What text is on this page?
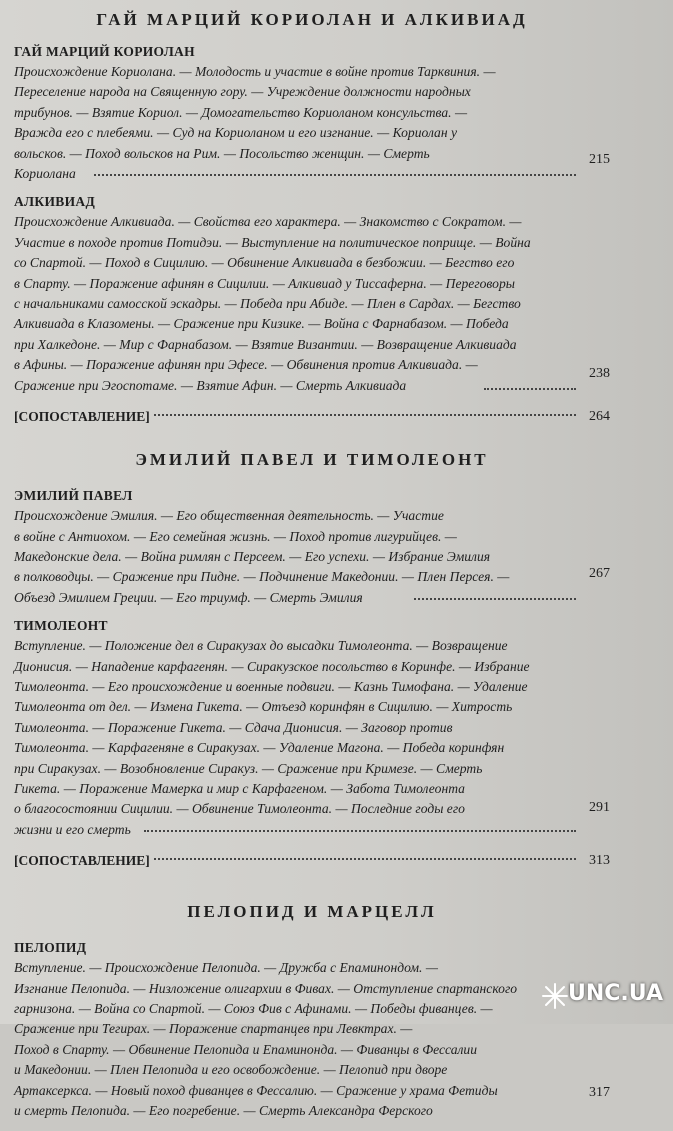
ГАЙ МАРЦИЙ КОРИОЛАН И АЛКИВИАД
ГАЙ МАРЦИЙ КОРИОЛАН
Происхождение Кориолана. — Молодость и участие в войне против Тарквиния. —
Переселение народа на Священную гору. — Учреждение должности народных
трибунов. — Взятие Кориол. — Домогательство Кориоланом консульства. —
Вражда его с плебеями. — Суд на Кориоланом и его изгнание. — Кориолан у
вольсков. — Поход вольсков на Рим. — Посольство женщин. — Смерть
Кориолана
215
АЛКИВИАД
Происхождение Алкивиада. — Свойства его характера. — Знакомство с Сократом. —
Участие в походе против Потидэи. — Выступление на политическое поприще. — Война
со Спартой. — Поход в Сицилию. — Обвинение Алкивиада в безбожии. — Бегство его
в Спарту. — Поражение афинян в Сицилии. — Алкивиад у Тиссаферна. — Переговоры
с начальниками самосской эскадры. — Победа при Абиде. — Плен в Сардах. — Бегство
Алкивиада в Клазомены. — Сражение при Кизике. — Война с Фарнабазом. — Победа
при Халкедоне. — Мир с Фарнабазом. — Взятие Византии. — Возвращение Алкивиада
в Афины. — Поражение афинян при Эфесе. — Обвинения против Алкивиада. —
Сражение при Эгоспотаме. — Взятие Афин. — Смерть Алкивиада
238
[СОПОСТАВЛЕНИЕ]	264
ЭМИЛИЙ ПАВЕЛ И ТИМОЛЕОНТ
ЭМИЛИЙ ПАВЕЛ
Происхождение Эмилия. — Его общественная деятельность. — Участие
в войне с Антиохом. — Его семейная жизнь. — Поход против лигурийцев. —
Македонские дела. — Война римлян с Персеем. — Его успехи. — Избрание Эмилия
в полководцы. — Сражение при Пидне. — Подчинение Македонии. — Плен Персея. —
Объезд Эмилием Греции. — Его триумф. — Смерть Эмилия
267
ТИМОЛЕОНТ
Вступление. — Положение дел в Сиракузах до высадки Тимолеонта. — Возвращение
Дионисия. — Нападение карфагенян. — Сиракузское посольство в Коринфе. — Избрание
Тимолеонта. — Его происхождение и военные подвиги. — Казнь Тимофана. — Удаление
Тимолеонта от дел. — Измена Гикета. — Отъезд коринфян в Сицилию. — Хитрость
Тимолеонта. — Поражение Гикета. — Сдача Дионисия. — Заговор против
Тимолеонта. — Карфагеняне в Сиракузах. — Удаление Магона. — Победа коринфян
при Сиракузах. — Возобновление Сиракуз. — Сражение при Кримезе. — Смерть
Гикета. — Поражение Мамерка и мир с Карфагеном. — Забота Тимолеонта
о благосостоянии Сицилии. — Обвинение Тимолеонта. — Последние годы его
жизни и его смерть
291
[СОПОСТАВЛЕНИЕ]	313
ПЕЛОПИД И МАРЦЕЛЛ
ПЕЛОПИД
Вступление. — Происхождение Пелопида. — Дружба с Епаминондом. —
Изгнание Пелопида. — Низложение олигархии в Фивах. — Отступление спартанского
гарнизона. — Война со Спартой. — Союз Фив с Афинами. — Победы фиванцев. —
Сражение при Тегирах. — Поражение спартанцев при Левктрах. —
Поход в Спарту. — Обвинение Пелопида и Епаминонда. — Фиванцы в Фессалии
и Македонии. — Плен Пелопида и его освобождение. — Пелопид при дворе
Артаксеркса. — Новый поход фиванцев в Фессалию. — Сражение у храма Фетиды
и смерть Пелопида. — Его погребение. — Смерть Александра Ферского
317
UNC.UA
